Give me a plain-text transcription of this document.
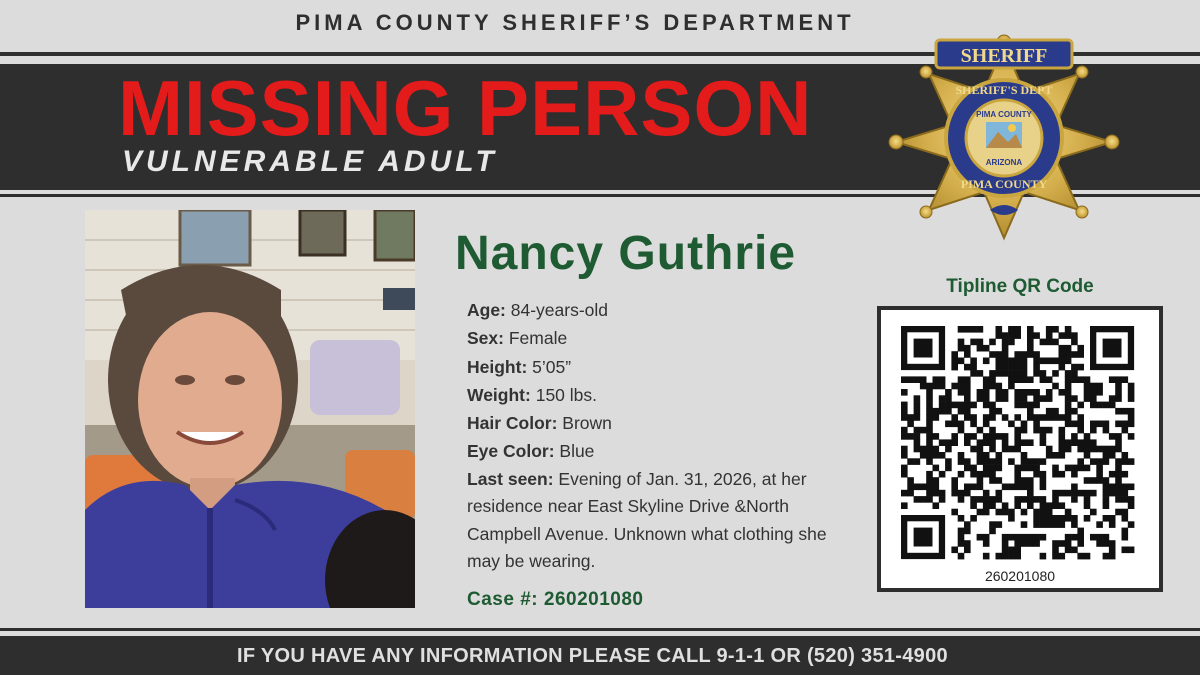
PIMA COUNTY SHERIFF’S DEPARTMENT
MISSING PERSON
VULNERABLE ADULT
SHERIFF
SHERIFF'S DEPT
PIMA COUNTY
ARIZONA
PIMA COUNTY
Nancy Guthrie
Age: 84-years-old
Sex: Female
Height: 5’05”
Weight: 150 lbs.
Hair Color: Brown
Eye Color: Blue
Last seen: Evening of Jan. 31, 2026, at her residence near East Skyline Drive &North Campbell Avenue. Unknown what clothing she may be wearing.
Case #: 260201080
Tipline QR Code
260201080
IF YOU HAVE ANY INFORMATION PLEASE CALL 9-1-1 OR (520) 351-4900
